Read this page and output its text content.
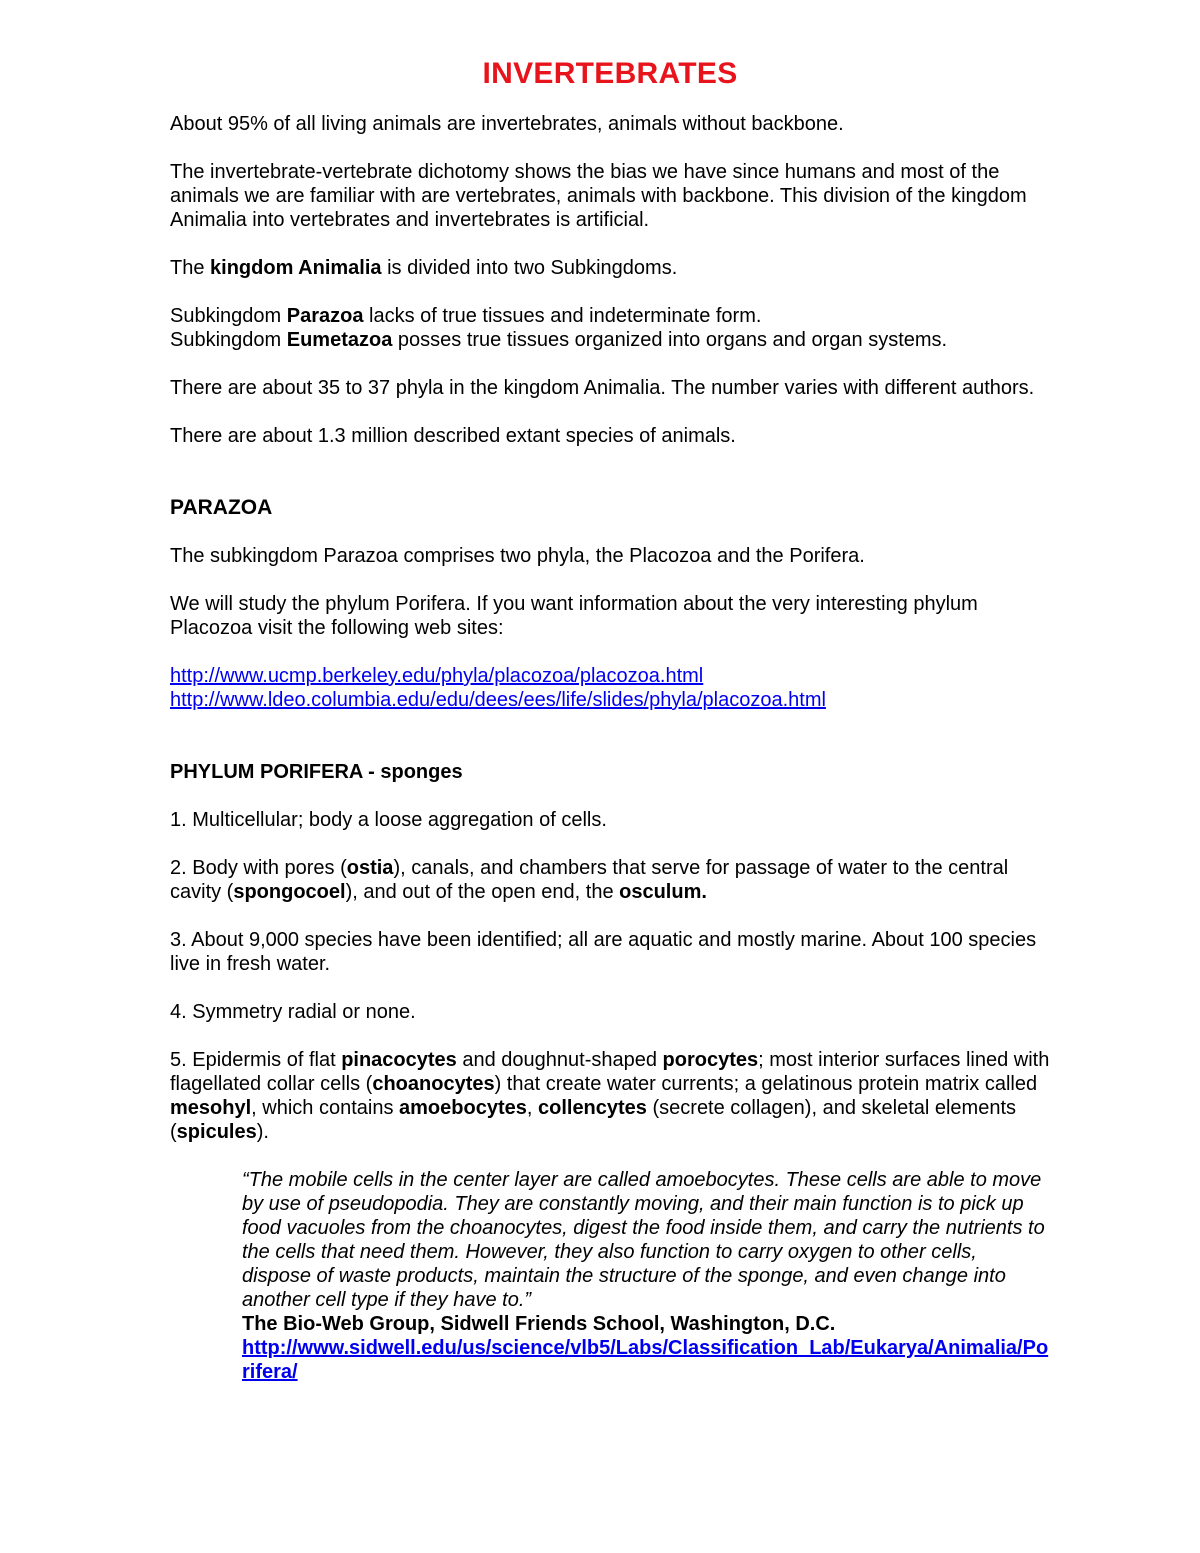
INVERTEBRATES

About 95% of all living animals are invertebrates, animals without backbone.

The invertebrate-vertebrate dichotomy shows the bias we have since humans and most of the animals we are familiar with are vertebrates, animals with backbone. This division of the kingdom Animalia into vertebrates and invertebrates is artificial.

The kingdom Animalia is divided into two Subkingdoms.

Subkingdom Parazoa lacks of true tissues and indeterminate form.

Subkingdom Eumetazoa posses true tissues organized into organs and organ systems.

There are about 35 to 37 phyla in the kingdom Animalia. The number varies with different authors.

There are about 1.3 million described extant species of animals.

PARAZOA

The subkingdom Parazoa comprises two phyla, the Placozoa and the Porifera.

We will study the phylum Porifera. If you want information about the very interesting phylum Placozoa visit the following web sites:

http://www.ucmp.berkeley.edu/phyla/placozoa/placozoa.html
http://www.ldeo.columbia.edu/edu/dees/ees/life/slides/phyla/placozoa.html
PHYLUM PORIFERA - sponges

1. Multicellular; body a loose aggregation of cells.

2. Body with pores (ostia), canals, and chambers that serve for passage of water to the central cavity (spongocoel), and out of the open end, the osculum.

3. About 9,000 species have been identified; all are aquatic and mostly marine. About 100 species live in fresh water.

4. Symmetry radial or none.

5. Epidermis of flat pinacocytes and doughnut-shaped porocytes; most interior surfaces lined with flagellated collar cells (choanocytes) that create water currents; a gelatinous protein matrix called mesohyl, which contains amoebocytes, collencytes (secrete collagen), and skeletal elements (spicules).

“The mobile cells in the center layer are called amoebocytes. These cells are able to move by use of pseudopodia. They are constantly moving, and their main function is to pick up food vacuoles from the choanocytes, digest the food inside them, and carry the nutrients to the cells that need them. However, they also function to carry oxygen to other cells, dispose of waste products, maintain the structure of the sponge, and even change into another cell type if they have to.”
The Bio-Web Group, Sidwell Friends School, Washington, D.C.
http://www.sidwell.edu/us/science/vlb5/Labs/Classification_Lab/Eukarya/Animalia/Porifera/
